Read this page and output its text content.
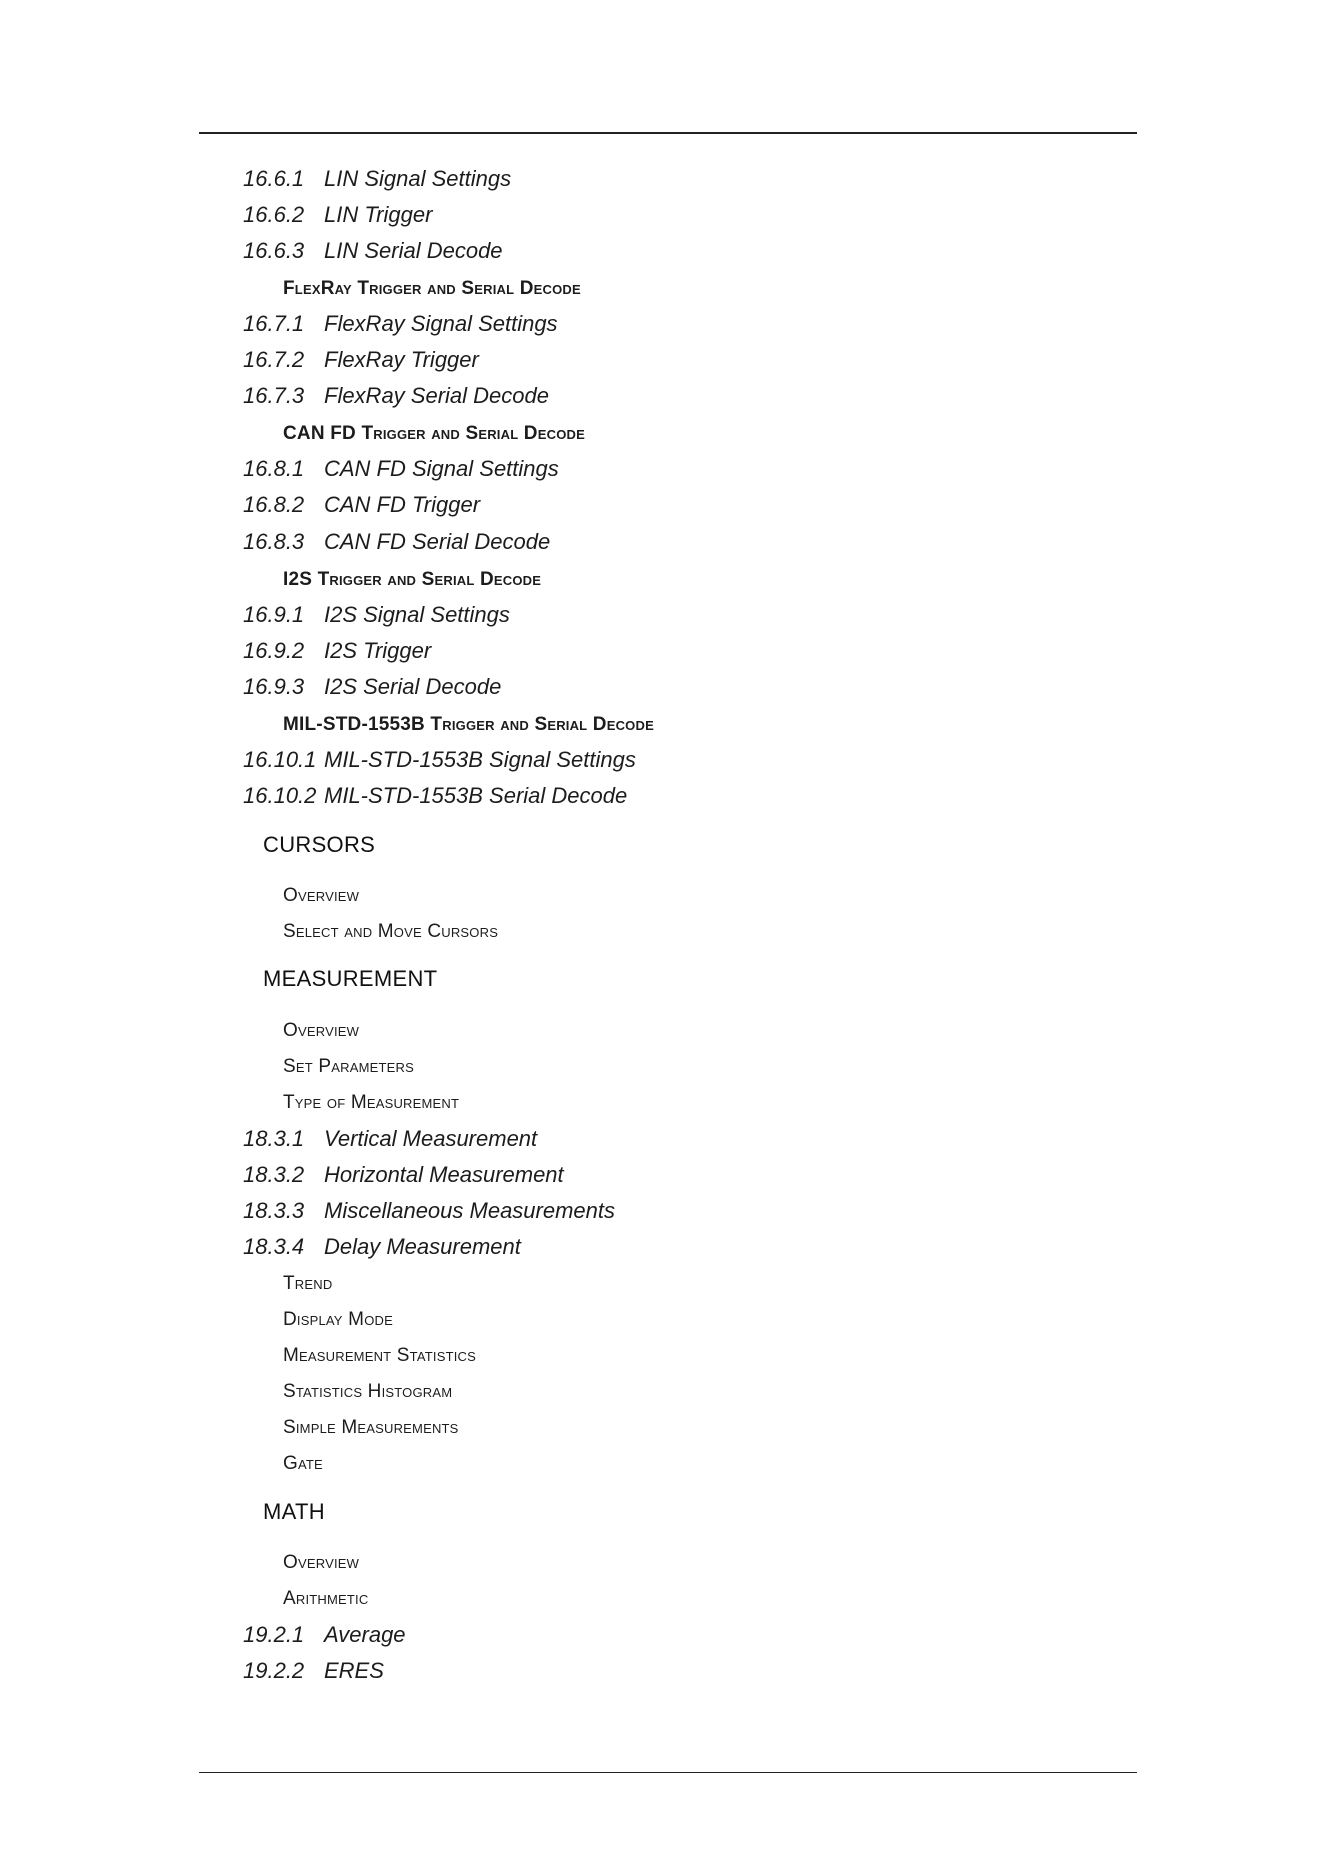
16.6.1 LIN Signal Settings
16.6.2 LIN Trigger
16.6.3 LIN Serial Decode
FlexRay Trigger and Serial Decode
16.7.1 FlexRay Signal Settings
16.7.2 FlexRay Trigger
16.7.3 FlexRay Serial Decode
CAN FD Trigger and Serial Decode
16.8.1 CAN FD Signal Settings
16.8.2 CAN FD Trigger
16.8.3 CAN FD Serial Decode
I2S Trigger and Serial Decode
16.9.1 I2S Signal Settings
16.9.2 I2S Trigger
16.9.3 I2S Serial Decode
MIL-STD-1553B Trigger and Serial Decode
16.10.1 MIL-STD-1553B Signal Settings
16.10.2 MIL-STD-1553B Serial Decode
CURSORS
Overview
Select and Move Cursors
MEASUREMENT
Overview
Set Parameters
Type of Measurement
18.3.1 Vertical Measurement
18.3.2 Horizontal Measurement
18.3.3 Miscellaneous Measurements
18.3.4 Delay Measurement
Trend
Display Mode
Measurement Statistics
Statistics Histogram
Simple Measurements
Gate
MATH
Overview
Arithmetic
19.2.1 Average
19.2.2 ERES
